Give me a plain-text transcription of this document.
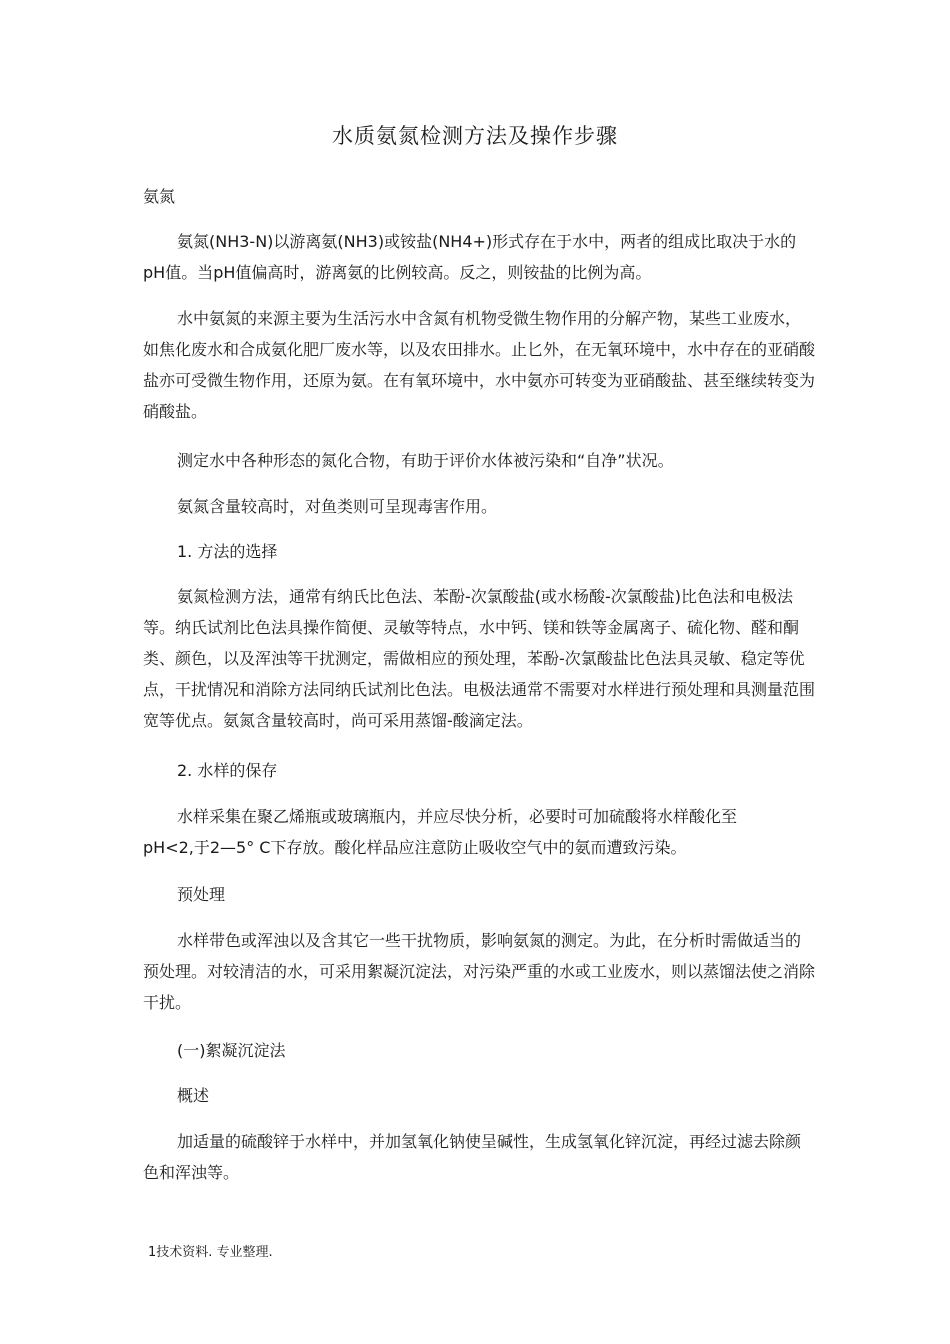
水质氨氮检测方法及操作步骤

氨氮

氨氮(NH3-N)以游离氨(NH3)或铵盐(NH4+)形式存在于水中，两者的组成比取决于水的pH值。当pH值偏高时，游离氨的比例较高。反之，则铵盐的比例为高。

水中氨氮的来源主要为生活污水中含氮有机物受微生物作用的分解产物，某些工业废水，如焦化废水和合成氨化肥厂废水等，以及农田排水。止匕外，在无氧环境中，水中存在的亚硝酸盐亦可受微生物作用，还原为氨。在有氧环境中，水中氨亦可转变为亚硝酸盐、甚至继续转变为硝酸盐。

测定水中各种形态的氮化合物，有助于评价水体被污染和“自净”状况。

氨氮含量较高时，对鱼类则可呈现毒害作用。

1. 方法的选择

氨氮检测方法，通常有纳氏比色法、苯酚-次氯酸盐(或水杨酸-次氯酸盐)比色法和电极法等。纳氏试剂比色法具操作简便、灵敏等特点，水中钙、镁和铁等金属离子、硫化物、醛和酮类、颜色，以及浑浊等干扰测定，需做相应的预处理，苯酚-次氯酸盐比色法具灵敏、稳定等优点，干扰情况和消除方法同纳氏试剂比色法。电极法通常不需要对水样进行预处理和具测量范围宽等优点。氨氮含量较高时，尚可采用蒸馏-酸滴定法。

2. 水样的保存

水样采集在聚乙烯瓶或玻璃瓶内，并应尽快分析，必要时可加硫酸将水样酸化至
pH<2,于2—5° C下存放。酸化样品应注意防止吸收空气中的氨而遭致污染。

预处理

水样带色或浑浊以及含其它一些干扰物质，影响氨氮的测定。为此，在分析时需做适当的预处理。对较清洁的水，可采用絮凝沉淀法，对污染严重的水或工业废水，则以蒸馏法使之消除干扰。

(一)絮凝沉淀法

概述

加适量的硫酸锌于水样中，并加氢氧化钠使呈碱性，生成氢氧化锌沉淀，再经过滤去除颜色和浑浊等。

1技术资料. 专业整理.
